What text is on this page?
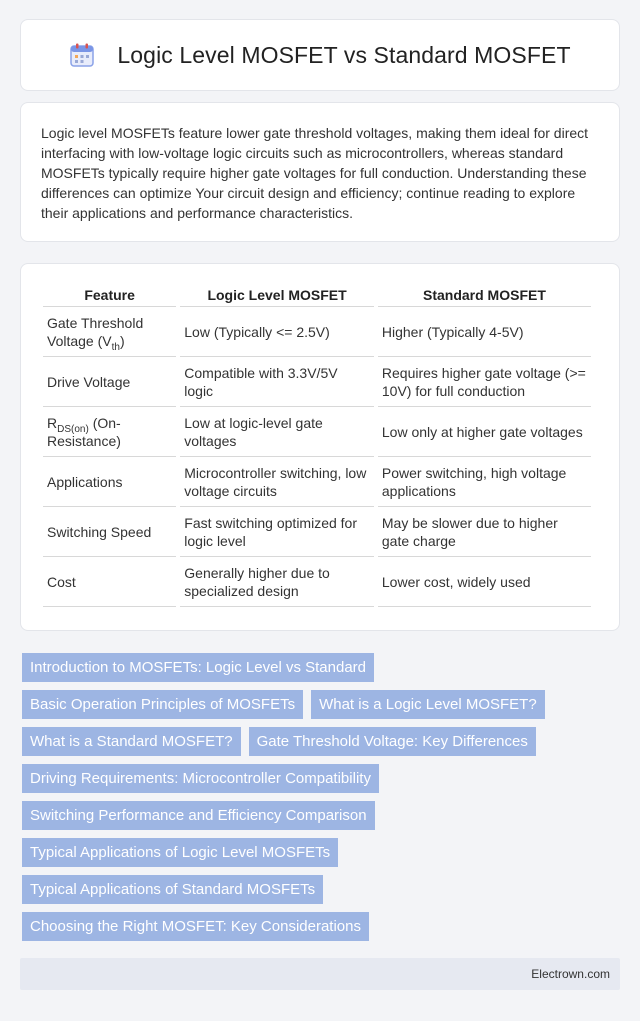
Logic Level MOSFET vs Standard MOSFET

Logic level MOSFETs feature lower gate threshold voltages, making them ideal for direct interfacing with low-voltage logic circuits such as microcontrollers, whereas standard MOSFETs typically require higher gate voltages for full conduction. Understanding these differences can optimize Your circuit design and efficiency; continue reading to explore their applications and performance characteristics.

Feature	Logic Level MOSFET	Standard MOSFET
Gate Threshold Voltage $(V_{th})$	Low (Typically <= 2.5V)	Higher (Typically 4-5V)
Drive Voltage	Compatible with 3.3V/5V logic	Requires higher gate voltage (>= 10V) for full conduction
$R_{DS(on)}$ (On-Resistance)	Low at logic-level gate voltages	Low only at higher gate voltages
Applications	Microcontroller switching, low voltage circuits	Power switching, high voltage applications
Switching Speed	Fast switching optimized for logic level	May be slower due to higher gate charge
Cost	Generally higher due to specialized design	Lower cost, widely used
Introduction to MOSFETs: Logic Level vs Standard
Basic Operation Principles of MOSFETs	What is a Logic Level MOSFET?
What is a Standard MOSFET?	Gate Threshold Voltage: Key Differences
Driving Requirements: Microcontroller Compatibility
Switching Performance and Efficiency Comparison
Typical Applications of Logic Level MOSFETs
Typical Applications of Standard MOSFETs
Choosing the Right MOSFET: Key Considerations
Electrown.com
